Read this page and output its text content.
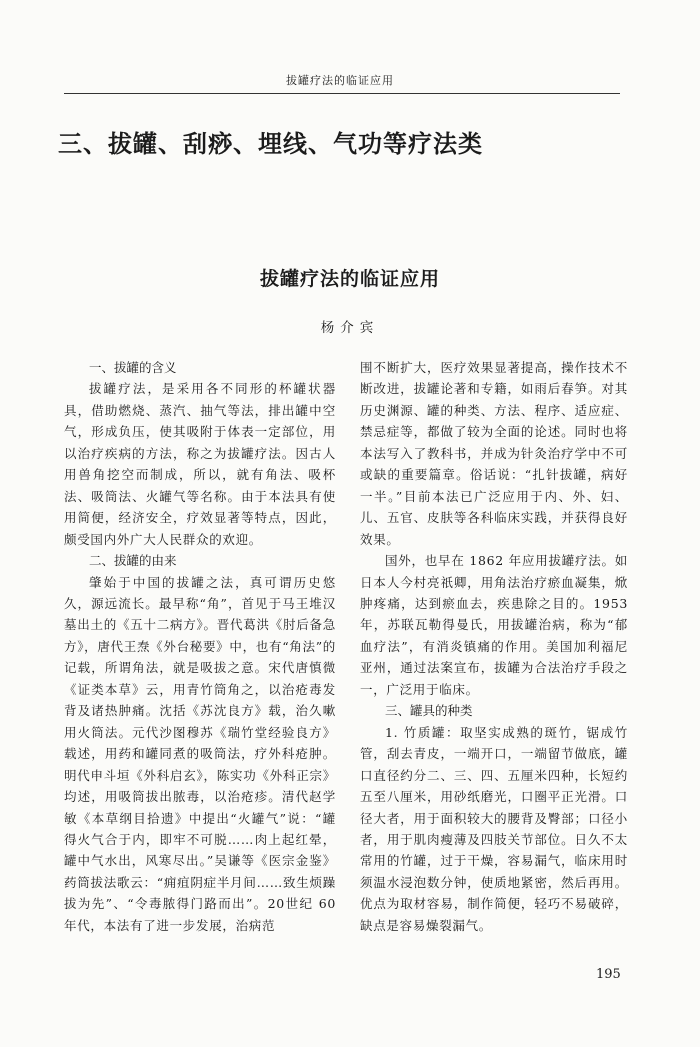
拔罐疗法的临证应用
三、拔罐、刮痧、埋线、气功等疗法类
拔罐疗法的临证应用
杨介宾
一、拔罐的含义

拔罐疗法，是采用各不同形的杯罐状器具，借助燃烧、蒸汽、抽气等法，排出罐中空气，形成负压，使其吸附于体表一定部位，用以治疗疾病的方法，称之为拔罐疗法。因古人用兽角挖空而制成，所以，就有角法、吸杯法、吸筒法、火罐气等名称。由于本法具有使用简便，经济安全，疗效显著等特点，因此，颇受国内外广大人民群众的欢迎。

二、拔罐的由来

肇始于中国的拔罐之法，真可谓历史悠久，源远流长。最早称“角”，首见于马王堆汉墓出土的《五十二病方》。晋代葛洪《肘后备急方》，唐代王焘《外台秘要》中，也有“角法”的记载，所谓角法，就是吸拔之意。宋代唐慎微《证类本草》云，用青竹筒角之，以治疮毒发背及诸热肿痛。沈括《苏沈良方》载，治久嗽用火筒法。元代沙图穆苏《瑞竹堂经验良方》载述，用药和罐同煮的吸筒法，疗外科疮肿。明代申斗垣《外科启玄》，陈实功《外科正宗》均述，用吸筒拔出脓毒，以治疮疹。清代赵学敏《本草纲目拾遗》中提出“火罐气”说：“罐得火气合于内，即牢不可脱……肉上起红晕，罐中气水出，风寒尽出。”吴谦等《医宗金鉴》药筒拔法歌云：“痈疽阴症半月间……致生烦躁拔为先”、“令毒脓得门路而出”。20世纪 60 年代，本法有了进一步发展，治病范

围不断扩大，医疗效果显著提高，操作技术不断改进，拔罐论著和专籍，如雨后春笋。对其历史渊源、罐的种类、方法、程序、适应症、禁忌症等，都做了较为全面的论述。同时也将本法写入了教科书，并成为针灸治疗学中不可或缺的重要篇章。俗话说：“扎针拔罐，病好一半。”目前本法已广泛应用于内、外、妇、儿、五官、皮肤等各科临床实践，并获得良好效果。

国外，也早在 1862 年应用拔罐疗法。如日本人今村亮祇卿，用角法治疗瘀血凝集，焮肿疼痛，达到瘀血去，疾患除之目的。1953年，苏联瓦勒得曼氏，用拔罐治病，称为“郁血疗法”，有消炎镇痛的作用。美国加利福尼亚州，通过法案宣布，拔罐为合法治疗手段之一，广泛用于临床。

三、罐具的种类

1. 竹质罐：取坚实成熟的斑竹，锯成竹管，刮去青皮，一端开口，一端留节做底，罐口直径约分二、三、四、五厘米四种，长短约五至八厘米，用砂纸磨光，口圈平正光滑。口径大者，用于面积较大的腰背及臀部；口径小者，用于肌肉瘦薄及四肢关节部位。日久不太常用的竹罐，过于干燥，容易漏气，临床用时须温水浸泡数分钟，使质地紧密，然后再用。优点为取材容易，制作简便，轻巧不易破碎，缺点是容易燥裂漏气。

195
